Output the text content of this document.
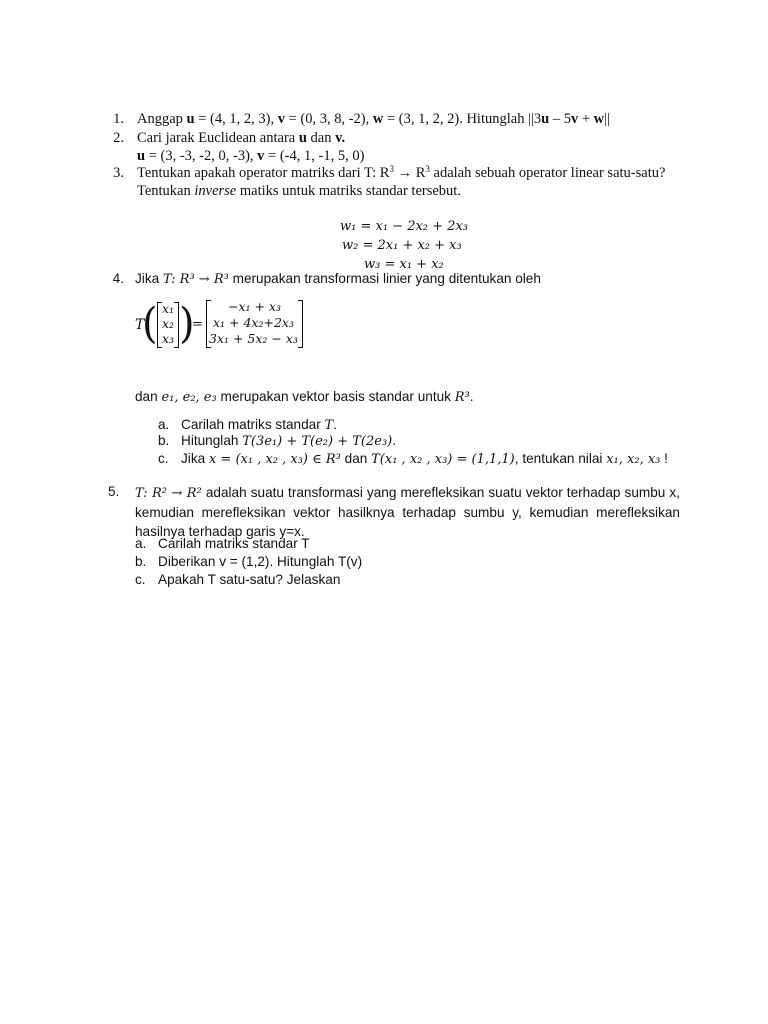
1. Anggap u = (4, 1, 2, 3), v = (0, 3, 8, -2), w = (3, 1, 2, 2). Hitunglah ||3u – 5v + w||
2. Cari jarak Euclidean antara u dan v.
u = (3, -3, -2, 0, -3), v = (-4, 1, -1, 5, 0)
3. Tentukan apakah operator matriks dari T: $R^3 \to R^3$ adalah sebuah operator linear satu-satu?
Tentukan inverse matiks untuk matriks standar tersebut.
w₁ = x₁ − 2x₂ + 2x₃
w₂ = 2x₁ + x₂ + x₃
w₃ = x₁ + x₂
4. Jika T: R³ → R³ merupakan transformasi linier yang ditentukan oleh
T
( x₁
x₂
x₃ )
=
−x₁ + x₃
x₁ + 4x₂+2x₃
3x₁ + 5x₂ − x₃
dan e₁, e₂, e₃ merupakan vektor basis standar untuk R³.
a. Carilah matriks standar T.
b. Hitunglah T(3e₁) + T(e₂) + T(2e₃).
c. Jika x = (x₁ , x₂ , x₃) ∈ R³ dan T(x₁ , x₂ , x₃) = (1,1,1), tentukan nilai x₁, x₂, x₃ !
5. T: R² → R² adalah suatu transformasi yang merefleksikan suatu vektor terhadap sumbu x, kemudian merefleksikan vektor hasilknya terhadap sumbu y, kemudian merefleksikan hasilnya terhadap garis y=x.
a. Carilah matriks standar T
b. Diberikan v = (1,2). Hitunglah T(v)
c. Apakah T satu-satu? Jelaskan
